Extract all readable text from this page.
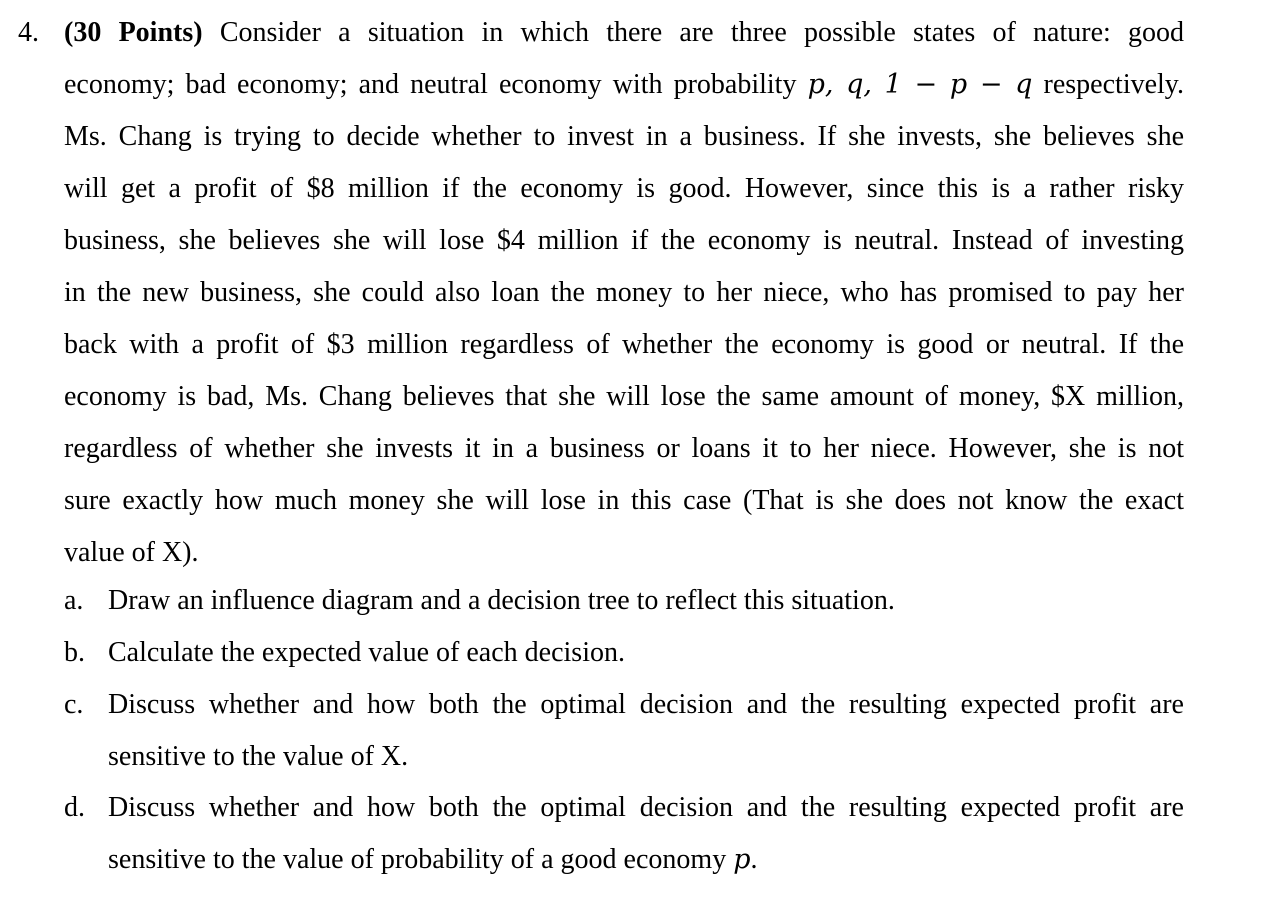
4. (30 Points) Consider a situation in which there are three possible states of nature: good
economy; bad economy; and neutral economy with probability p, q, 1 − p − q respectively.
Ms. Chang is trying to decide whether to invest in a business. If she invests, she believes she
will get a profit of $8 million if the economy is good. However, since this is a rather risky
business, she believes she will lose $4 million if the economy is neutral. Instead of investing
in the new business, she could also loan the money to her niece, who has promised to pay her
back with a profit of $3 million regardless of whether the economy is good or neutral. If the
economy is bad, Ms. Chang believes that she will lose the same amount of money, $X million,
regardless of whether she invests it in a business or loans it to her niece. However, she is not
sure exactly how much money she will lose in this case (That is she does not know the exact
value of X).
a. Draw an influence diagram and a decision tree to reflect this situation.
b. Calculate the expected value of each decision.
c. Discuss whether and how both the optimal decision and the resulting expected profit are
sensitive to the value of X.
d. Discuss whether and how both the optimal decision and the resulting expected profit are
sensitive to the value of probability of a good economy p.
